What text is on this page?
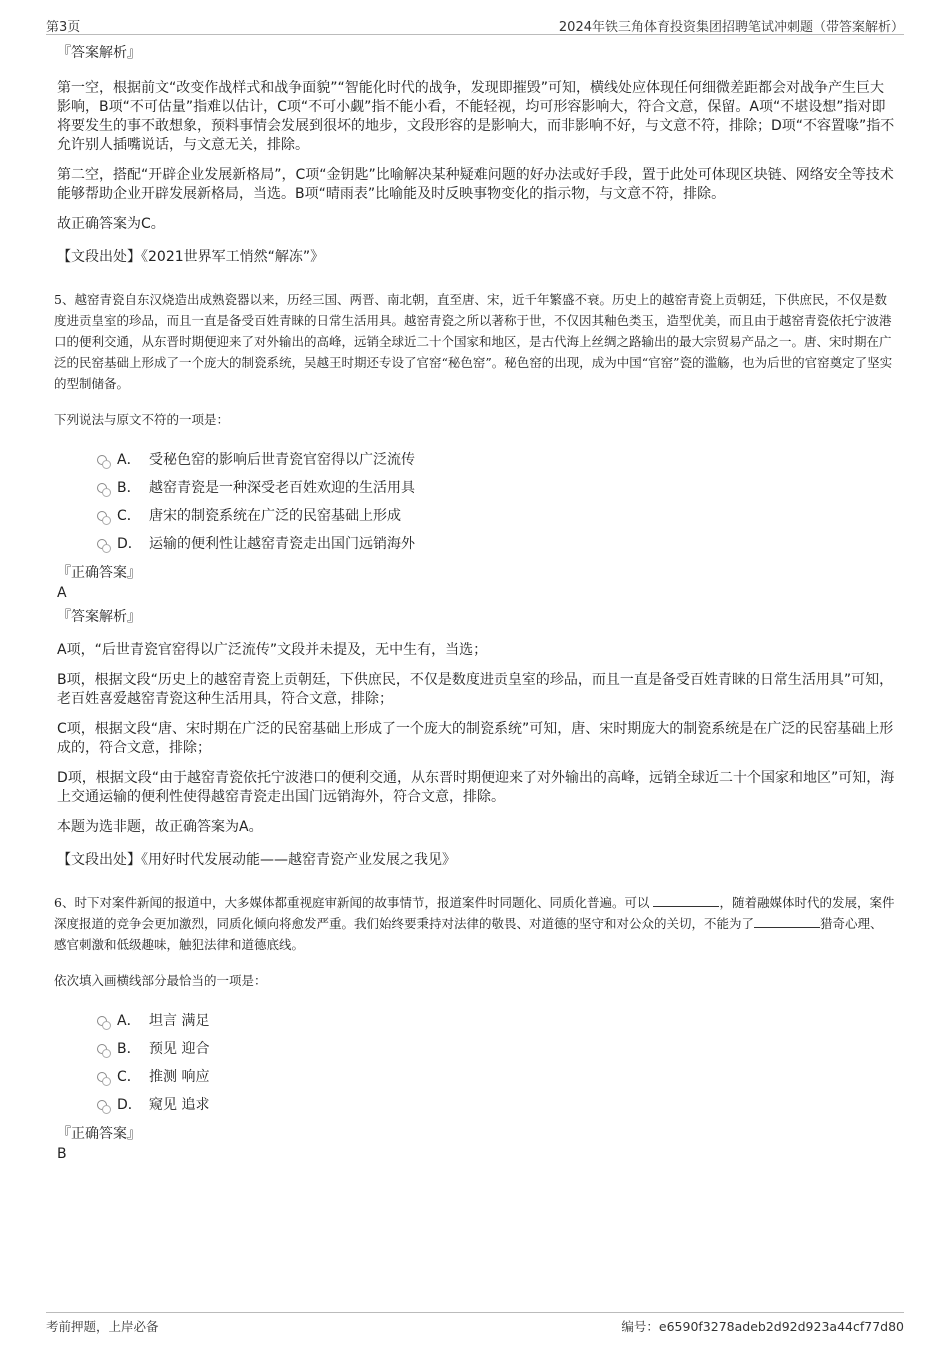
第3页	2024年铁三角体育投资集团招聘笔试冲刺题（带答案解析）

『答案解析』

第一空，根据前文“改变作战样式和战争面貌”“智能化时代的战争，发现即摧毁”可知，横线处应体现任何细微差距都会对战争产生巨大影响，B项“不可估量”指难以估计，C项“不可小觑”指不能小看，不能轻视，均可形容影响大，符合文意，保留。A项“不堪设想”指对即将要发生的事不敢想象，预料事情会发展到很坏的地步，文段形容的是影响大，而非影响不好，与文意不符，排除；D项“不容置喙”指不允许别人插嘴说话，与文意无关，排除。

第二空，搭配“开辟企业发展新格局”，C项“金钥匙”比喻解决某种疑难问题的好办法或好手段，置于此处可体现区块链、网络安全等技术能够帮助企业开辟发展新格局，当选。B项“晴雨表”比喻能及时反映事物变化的指示物，与文意不符，排除。

故正确答案为C。

【文段出处】《2021世界军工悄然“解冻”》

5、越窑青瓷自东汉烧造出成熟瓷器以来，历经三国、两晋、南北朝，直至唐、宋，近千年繁盛不衰。历史上的越窑青瓷上贡朝廷，下供庶民，不仅是数度进贡皇室的珍品，而且一直是备受百姓青睐的日常生活用具。越窑青瓷之所以著称于世，不仅因其釉色类玉，造型优美，而且由于越窑青瓷依托宁波港口的便利交通，从东晋时期便迎来了对外输出的高峰，远销全球近二十个国家和地区，是古代海上丝绸之路输出的最大宗贸易产品之一。唐、宋时期在广泛的民窑基础上形成了一个庞大的制瓷系统，吴越王时期还专设了官窑“秘色窑”。秘色窑的出现，成为中国“官窑”瓷的滥觞，也为后世的官窑奠定了坚实的型制储备。

下列说法与原文不符的一项是：

A． 受秘色窑的影响后世青瓷官窑得以广泛流传
B． 越窑青瓷是一种深受老百姓欢迎的生活用具
C． 唐宋的制瓷系统在广泛的民窑基础上形成
D． 运输的便利性让越窑青瓷走出国门远销海外

『正确答案』

A

『答案解析』

A项，“后世青瓷官窑得以广泛流传”文段并未提及，无中生有，当选；

B项，根据文段“历史上的越窑青瓷上贡朝廷，下供庶民，不仅是数度进贡皇室的珍品，而且一直是备受百姓青睐的日常生活用具”可知，老百姓喜爱越窑青瓷这种生活用具，符合文意，排除；

C项，根据文段“唐、宋时期在广泛的民窑基础上形成了一个庞大的制瓷系统”可知，唐、宋时期庞大的制瓷系统是在广泛的民窑基础上形成的，符合文意，排除；

D项，根据文段“由于越窑青瓷依托宁波港口的便利交通，从东晋时期便迎来了对外输出的高峰，远销全球近二十个国家和地区”可知，海上交通运输的便利性使得越窑青瓷走出国门远销海外，符合文意，排除。

本题为选非题，故正确答案为A。

【文段出处】《用好时代发展动能——越窑青瓷产业发展之我见》

6、时下对案件新闻的报道中，大多媒体都重视庭审新闻的故事情节，报道案件时同题化、同质化普遍。可以	，随着融媒体时代的发展，案件深度报道的竞争会更加激烈，同质化倾向将愈发严重。我们始终要秉持对法律的敬畏、对道德的坚守和对公众的关切，不能为了	猎奇心理、感官刺激和低级趣味，触犯法律和道德底线。

依次填入画横线部分最恰当的一项是：

A． 坦言 满足
B． 预见 迎合
C． 推测 响应
D． 窥见 追求

『正确答案』

B

考前押题，上岸必备	编号：e6590f3278adeb2d92d923a44cf77d80
